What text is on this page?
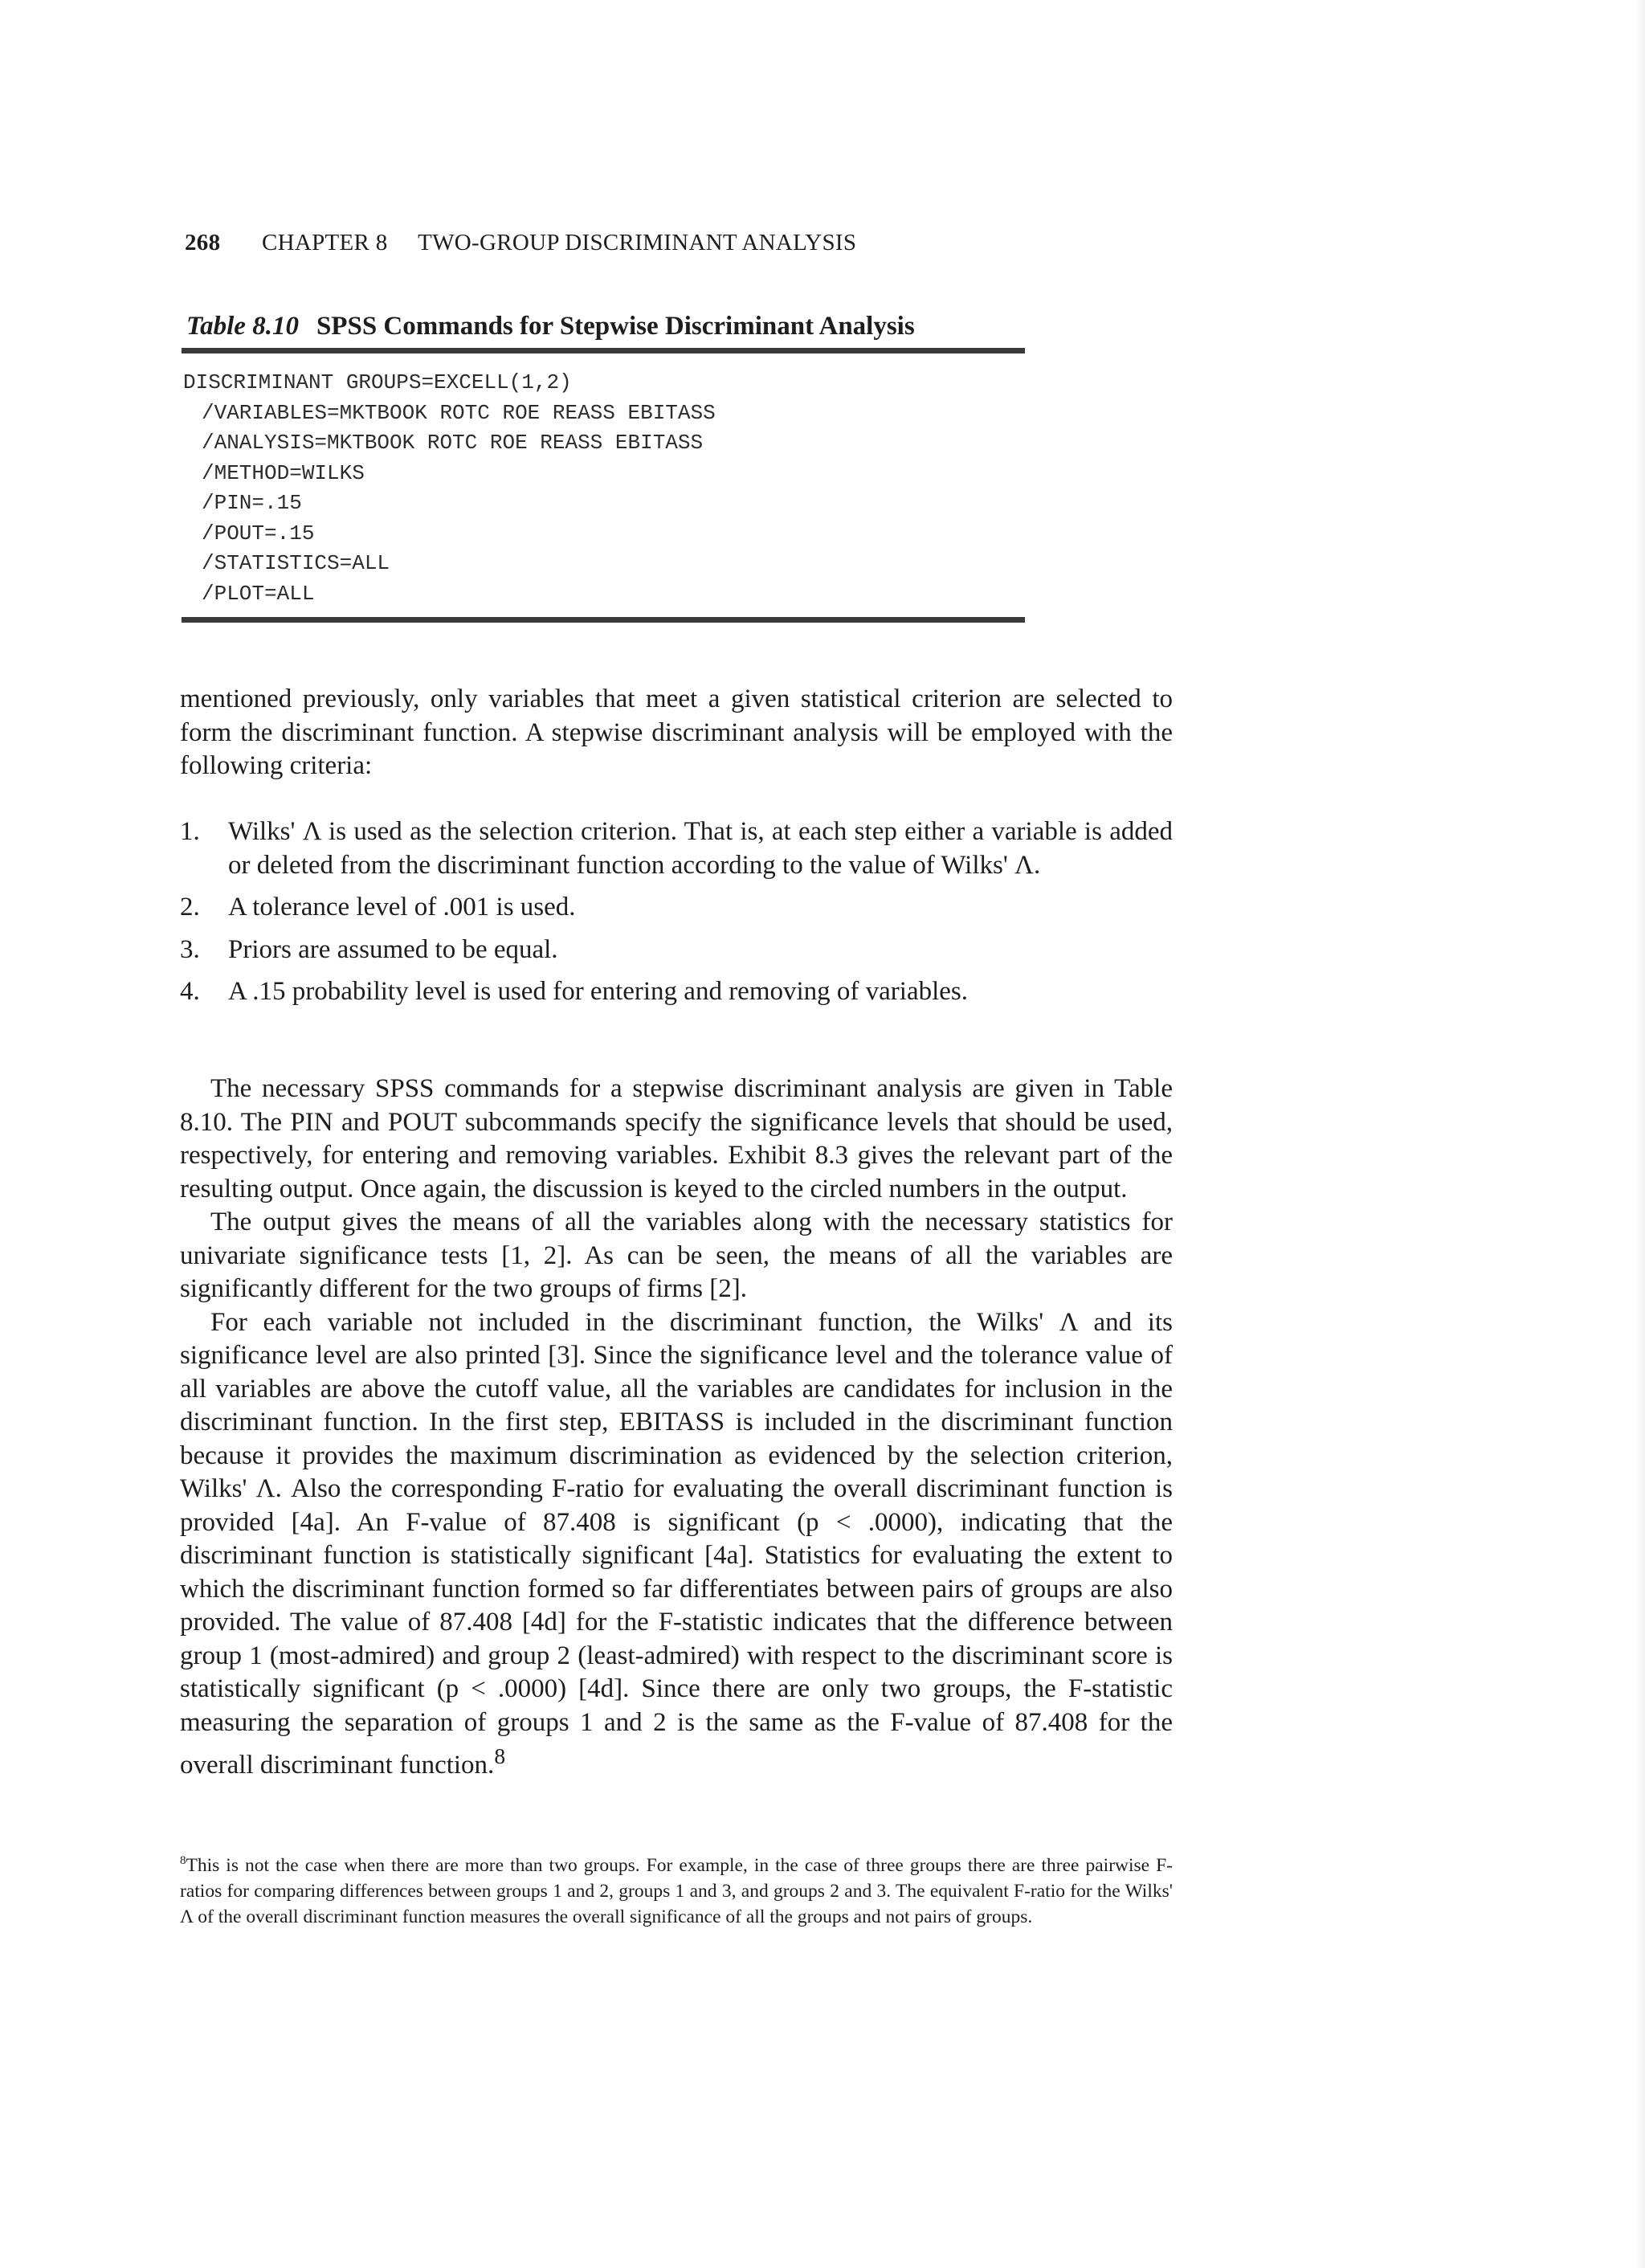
268 CHAPTER 8 TWO-GROUP DISCRIMINANT ANALYSIS
Table 8.10 SPSS Commands for Stepwise Discriminant Analysis
DISCRIMINANT GROUPS=EXCELL(1,2)
/VARIABLES=MKTBOOK ROTC ROE REASS EBITASS
/ANALYSIS=MKTBOOK ROTC ROE REASS EBITASS
/METHOD=WILKS
/PIN=.15
/POUT=.15
/STATISTICS=ALL
/PLOT=ALL

mentioned previously, only variables that meet a given statistical criterion are selected to form the discriminant function. A stepwise discriminant analysis will be employed with the following criteria:

1. Wilks' Λ is used as the selection criterion. That is, at each step either a variable is added or deleted from the discriminant function according to the value of Wilks' Λ.
2. A tolerance level of .001 is used.
3. Priors are assumed to be equal.
4. A .15 probability level is used for entering and removing of variables.

The necessary SPSS commands for a stepwise discriminant analysis are given in Table 8.10. The PIN and POUT subcommands specify the significance levels that should be used, respectively, for entering and removing variables. Exhibit 8.3 gives the relevant part of the resulting output. Once again, the discussion is keyed to the circled numbers in the output.

The output gives the means of all the variables along with the necessary statistics for univariate significance tests [1, 2]. As can be seen, the means of all the variables are significantly different for the two groups of firms [2].

For each variable not included in the discriminant function, the Wilks' Λ and its significance level are also printed [3]. Since the significance level and the tolerance value of all variables are above the cutoff value, all the variables are candidates for inclusion in the discriminant function. In the first step, EBITASS is included in the discriminant function because it provides the maximum discrimination as evidenced by the selection criterion, Wilks' Λ. Also the corresponding F-ratio for evaluating the overall discriminant function is provided [4a]. An F-value of 87.408 is significant (p < .0000), indicating that the discriminant function is statistically significant [4a]. Statistics for evaluating the extent to which the discriminant function formed so far differentiates between pairs of groups are also provided. The value of 87.408 [4d] for the F-statistic indicates that the difference between group 1 (most-admired) and group 2 (least-admired) with respect to the discriminant score is statistically significant (p < .0000) [4d]. Since there are only two groups, the F-statistic measuring the separation of groups 1 and 2 is the same as the F-value of 87.408 for the overall discriminant function.$^8$

$^8$This is not the case when there are more than two groups. For example, in the case of three groups there are three pairwise F-ratios for comparing differences between groups 1 and 2, groups 1 and 3, and groups 2 and 3. The equivalent F-ratio for the Wilks' Λ of the overall discriminant function measures the overall significance of all the groups and not pairs of groups.
